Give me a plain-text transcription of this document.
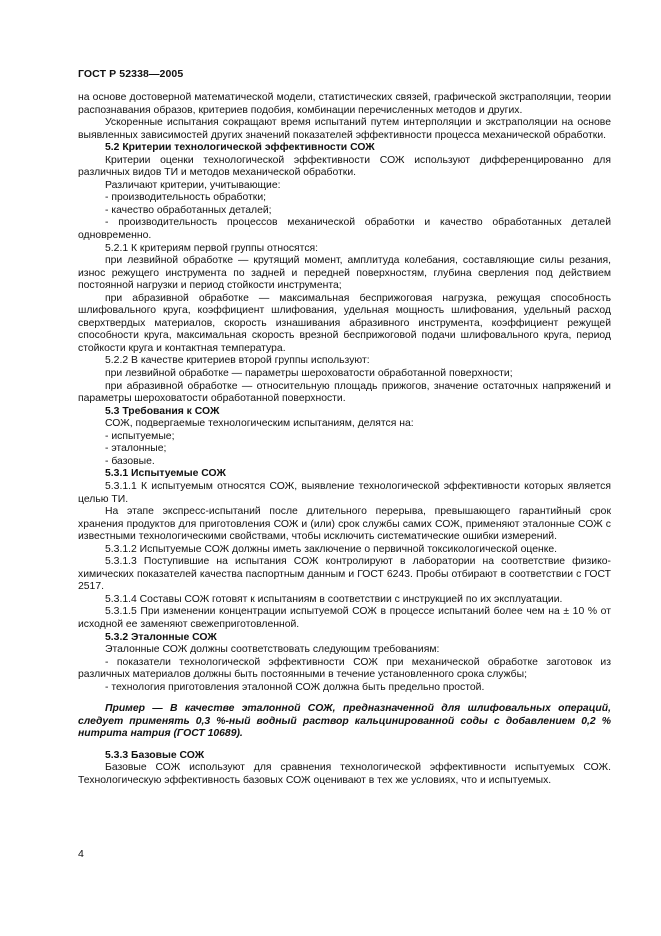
ГОСТ Р 52338—2005

на основе достоверной математической модели, статистических связей, графической экстраполяции, теории распознавания образов, критериев подобия, комбинации перечисленных методов и других.

Ускоренные испытания сокращают время испытаний путем интерполяции и экстраполяции на основе выявленных зависимостей других значений показателей эффективности процесса механической обработки.

5.2 Критерии технологической эффективности СОЖ

Критерии оценки технологической эффективности СОЖ используют дифференцированно для различных видов ТИ и методов механической обработки.

Различают критерии, учитывающие:

- производительность обработки;

- качество обработанных деталей;

- производительность процессов механической обработки и качество обработанных деталей одновременно.

5.2.1 К критериям первой группы относятся:

при лезвийной обработке — крутящий момент, амплитуда колебания, составляющие силы резания, износ режущего инструмента по задней и передней поверхностям, глубина сверления под действием постоянной нагрузки и период стойкости инструмента;

при абразивной обработке — максимальная беcприжоговая нагрузка, режущая способность шлифовального круга, коэффициент шлифования, удельная мощность шлифования, удельный расход сверхтвердых материалов, скорость изнашивания абразивного инструмента, коэффициент режущей способности круга, максимальная скорость врезной бесприжоговой подачи шлифовального круга, период стойкости круга и контактная температура.

5.2.2 В качестве критериев второй группы используют:

при лезвийной обработке — параметры шероховатости обработанной поверхности;

при абразивной обработке — относительную площадь прижогов, значение остаточных напряжений и параметры шероховатости обработанной поверхности.

5.3 Требования к СОЖ

СОЖ, подвергаемые технологическим испытаниям, делятся на:

- испытуемые;

- эталонные;

- базовые.

5.3.1 Испытуемые СОЖ

5.3.1.1 К испытуемым относятся СОЖ, выявление технологической эффективности которых является целью ТИ.

На этапе экспресс-испытаний после длительного перерыва, превышающего гарантийный срок хранения продуктов для приготовления СОЖ и (или) срок службы самих СОЖ, применяют эталонные СОЖ с известными технологическими свойствами, чтобы исключить систематические ошибки измерений.

5.3.1.2 Испытуемые СОЖ должны иметь заключение о первичной токсикологической оценке.

5.3.1.3 Поступившие на испытания СОЖ контролируют в лаборатории на соответствие физико-химических показателей качества паспортным данным и ГОСТ 6243. Пробы отбирают в соответствии с ГОСТ 2517.

5.3.1.4 Составы СОЖ готовят к испытаниям в соответствии с инструкцией по их эксплуатации.

5.3.1.5 При изменении концентрации испытуемой СОЖ в процессе испытаний более чем на ± 10 % от исходной ее заменяют свежеприготовленной.

5.3.2 Эталонные СОЖ

Эталонные СОЖ должны соответствовать следующим требованиям:

- показатели технологической эффективности СОЖ при механической обработке заготовок из различных материалов должны быть постоянными в течение установленного срока службы;

- технология приготовления эталонной СОЖ должна быть предельно простой.

Пример — В качестве эталонной СОЖ, предназначенной для шлифовальных операций, следует применять 0,3 %-ный водный раствор кальцинированной соды с добавлением 0,2 % нитрита натрия (ГОСТ 10689).

5.3.3 Базовые СОЖ

Базовые СОЖ используют для сравнения технологической эффективности испытуемых СОЖ. Технологическую эффективность базовых СОЖ оценивают в тех же условиях, что и испытуемых.

4
